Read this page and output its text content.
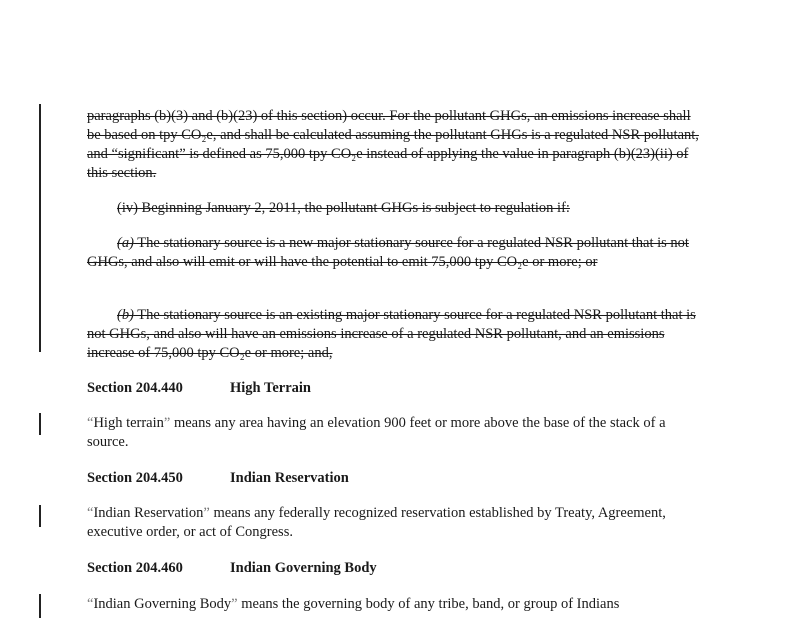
paragraphs (b)(3) and (b)(23) of this section) occur. For the pollutant GHGs, an emissions increase shall be based on tpy CO₂e, and shall be calculated assuming the pollutant GHGs is a regulated NSR pollutant, and “significant” is defined as 75,000 tpy CO₂e instead of applying the value in paragraph (b)(23)(ii) of this section.

(iv) Beginning January 2, 2011, the pollutant GHGs is subject to regulation if:

(a) The stationary source is a new major stationary source for a regulated NSR pollutant that is not GHGs, and also will emit or will have the potential to emit 75,000 tpy CO₂e or more; or

(b) The stationary source is an existing major stationary source for a regulated NSR pollutant that is not GHGs, and also will have an emissions increase of a regulated NSR pollutant, and an emissions increase of 75,000 tpy CO₂e or more; and,

Section 204.440	High Terrain

“High terrain” means any area having an elevation 900 feet or more above the base of the stack of a source.

Section 204.450	Indian Reservation

“Indian Reservation” means any federally recognized reservation established by Treaty, Agreement, executive order, or act of Congress.

Section 204.460	Indian Governing Body

“Indian Governing Body” means the governing body of any tribe, band, or group of Indians
